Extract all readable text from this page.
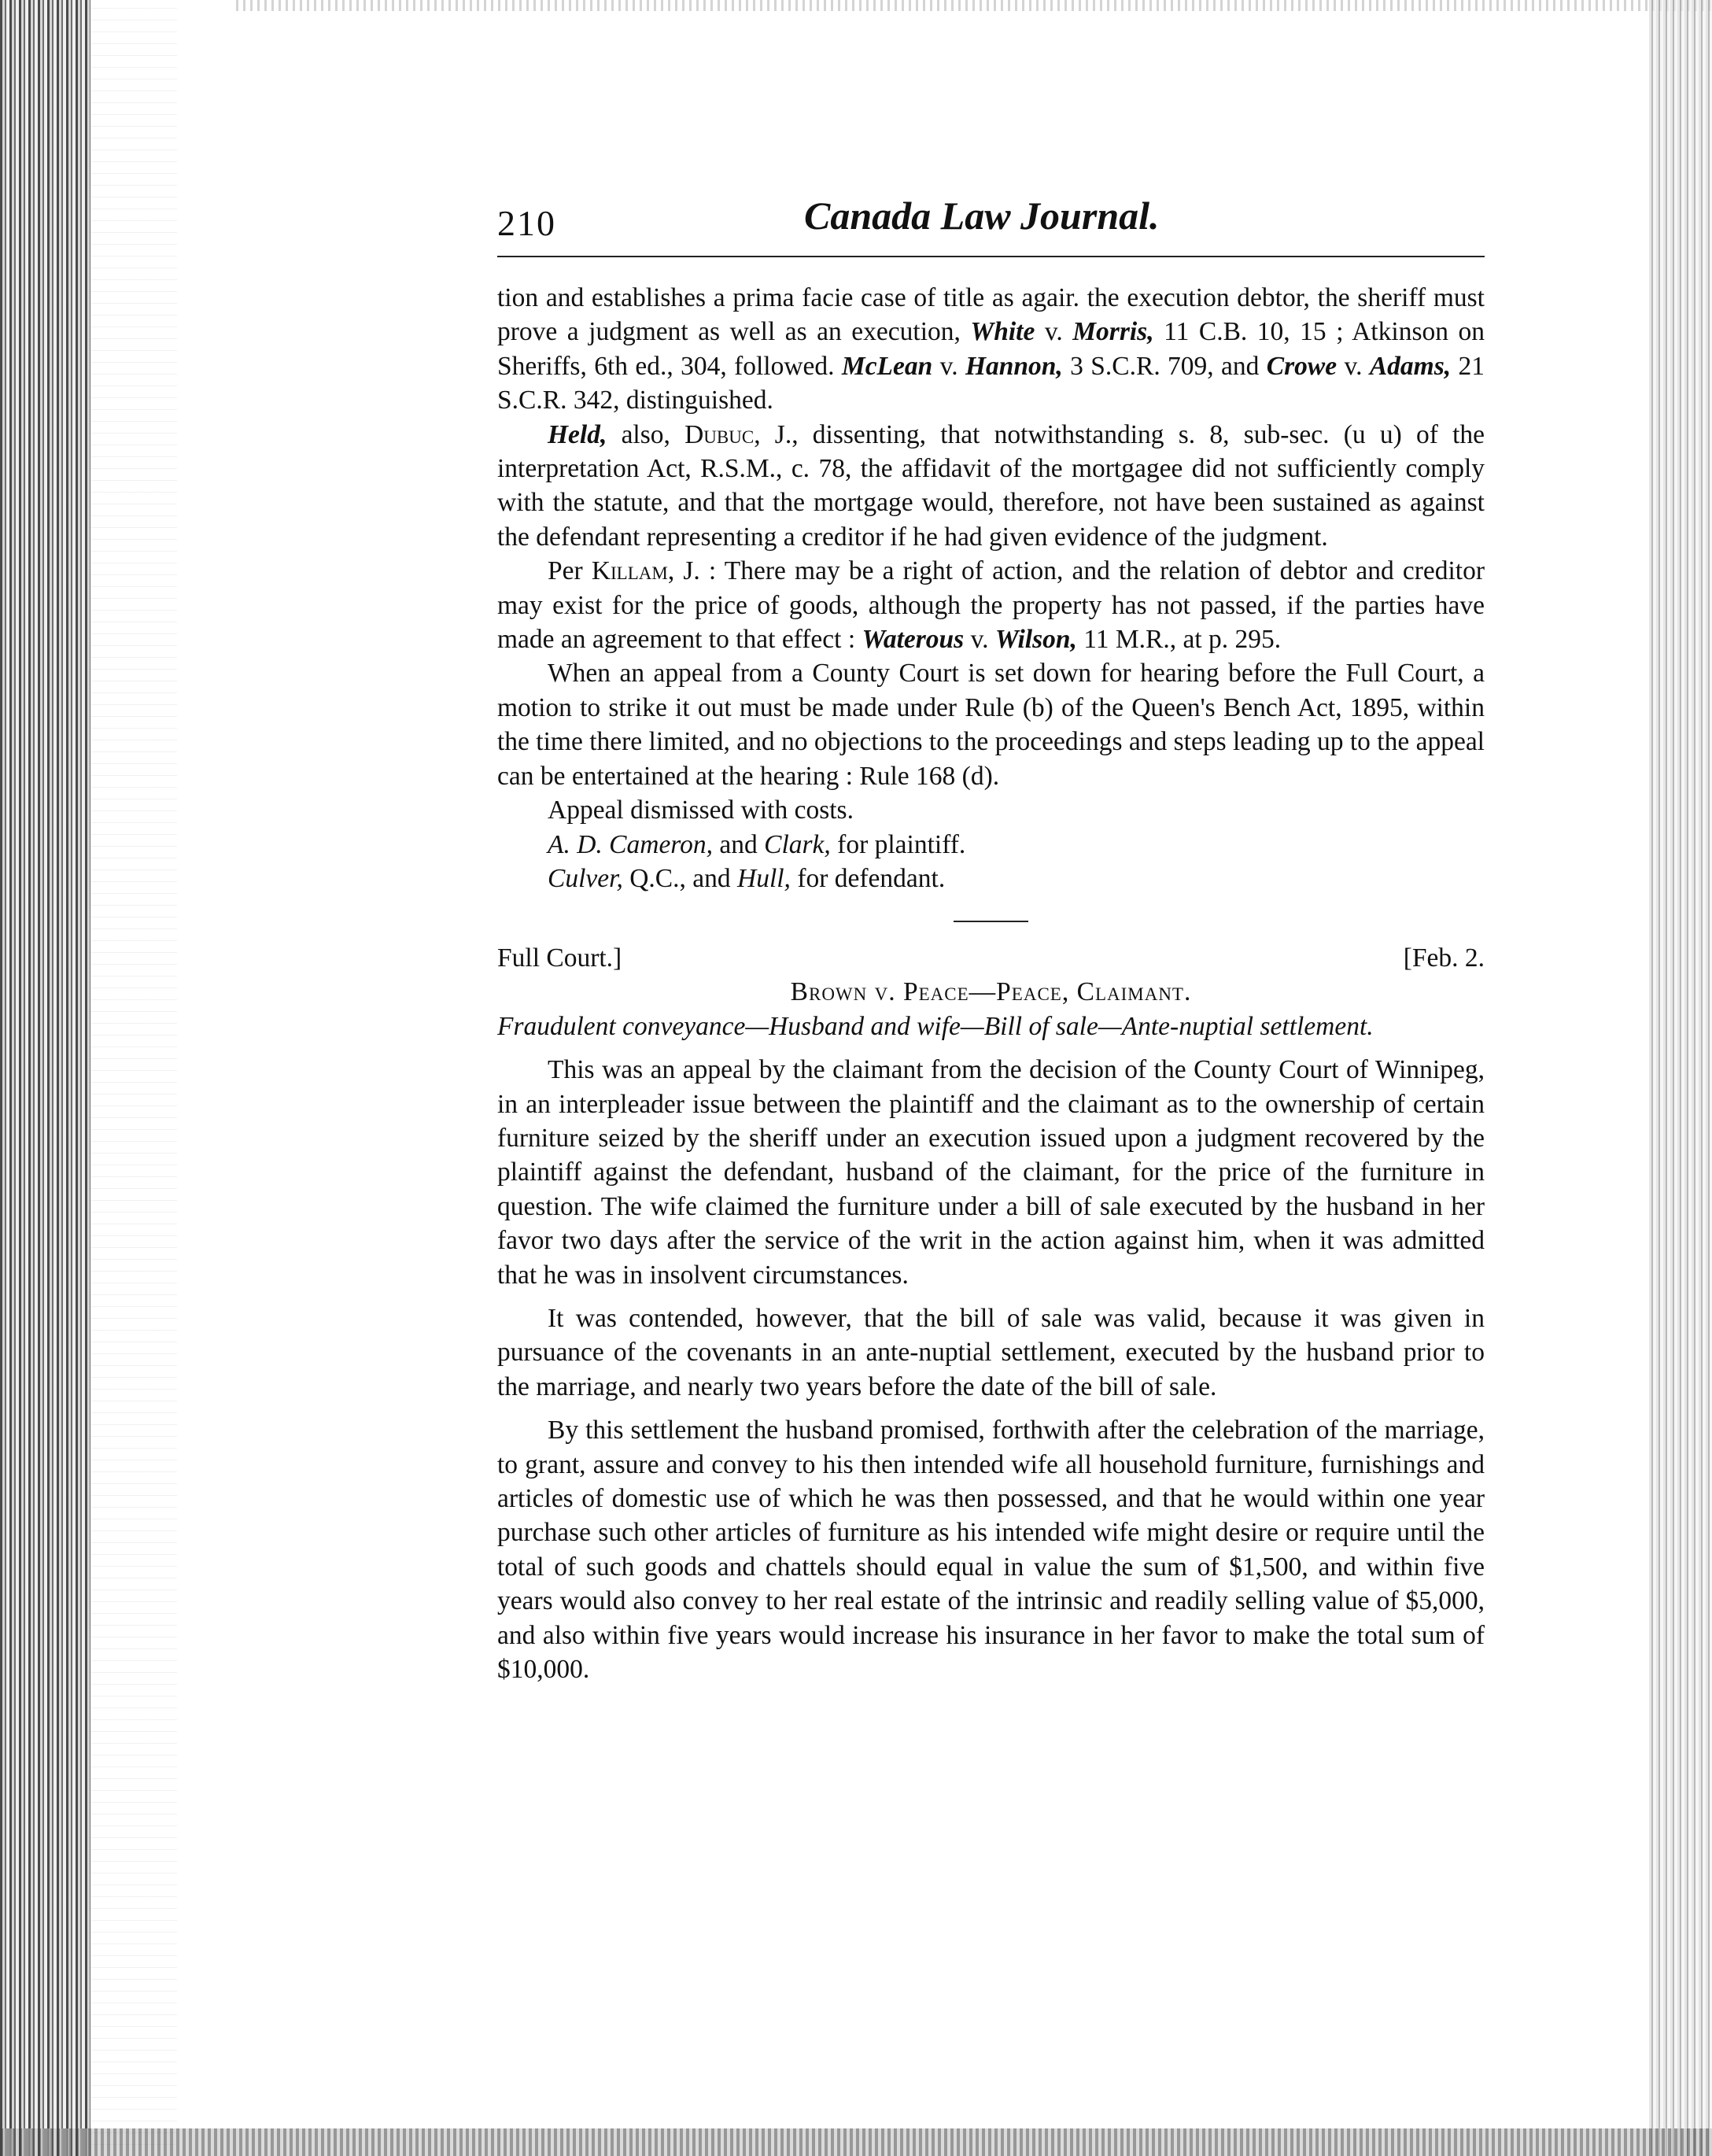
210	Canada Law Journal.

tion and establishes a prima facie case of title as agair. the execution debtor, the sheriff must prove a judgment as well as an execution, White v. Morris, 11 C.B. 10, 15 ; Atkinson on Sheriffs, 6th ed., 304, followed. McLean v. Hannon, 3 S.C.R. 709, and Crowe v. Adams, 21 S.C.R. 342, distinguished.

Held, also, Dubuc, J., dissenting, that notwithstanding s. 8, sub-sec. (u u) of the interpretation Act, R.S.M., c. 78, the affidavit of the mortgagee did not sufficiently comply with the statute, and that the mortgage would, therefore, not have been sustained as against the defendant representing a creditor if he had given evidence of the judgment.

Per Killam, J. : There may be a right of action, and the relation of debtor and creditor may exist for the price of goods, although the property has not passed, if the parties have made an agreement to that effect : Waterous v. Wilson, 11 M.R., at p. 295.

When an appeal from a County Court is set down for hearing before the Full Court, a motion to strike it out must be made under Rule (b) of the Queen's Bench Act, 1895, within the time there limited, and no objections to the proceedings and steps leading up to the appeal can be entertained at the hearing : Rule 168 (d).

Appeal dismissed with costs.

A. D. Cameron, and Clark, for plaintiff.

Culver, Q.C., and Hull, for defendant.

Full Court.]	[Feb. 2.

Brown v. Peace—Peace, Claimant.

Fraudulent conveyance—Husband and wife—Bill of sale—Ante-nuptial settlement.

This was an appeal by the claimant from the decision of the County Court of Winnipeg, in an interpleader issue between the plaintiff and the claimant as to the ownership of certain furniture seized by the sheriff under an execution issued upon a judgment recovered by the plaintiff against the defendant, husband of the claimant, for the price of the furniture in question. The wife claimed the furniture under a bill of sale executed by the husband in her favor two days after the service of the writ in the action against him, when it was admitted that he was in insolvent circumstances.

It was contended, however, that the bill of sale was valid, because it was given in pursuance of the covenants in an ante-nuptial settlement, executed by the husband prior to the marriage, and nearly two years before the date of the bill of sale.

By this settlement the husband promised, forthwith after the celebration of the marriage, to grant, assure and convey to his then intended wife all household furniture, furnishings and articles of domestic use of which he was then possessed, and that he would within one year purchase such other articles of furniture as his intended wife might desire or require until the total of such goods and chattels should equal in value the sum of $1,500, and within five years would also convey to her real estate of the intrinsic and readily selling value of $5,000, and also within five years would increase his insurance in her favor to make the total sum of $10,000.
